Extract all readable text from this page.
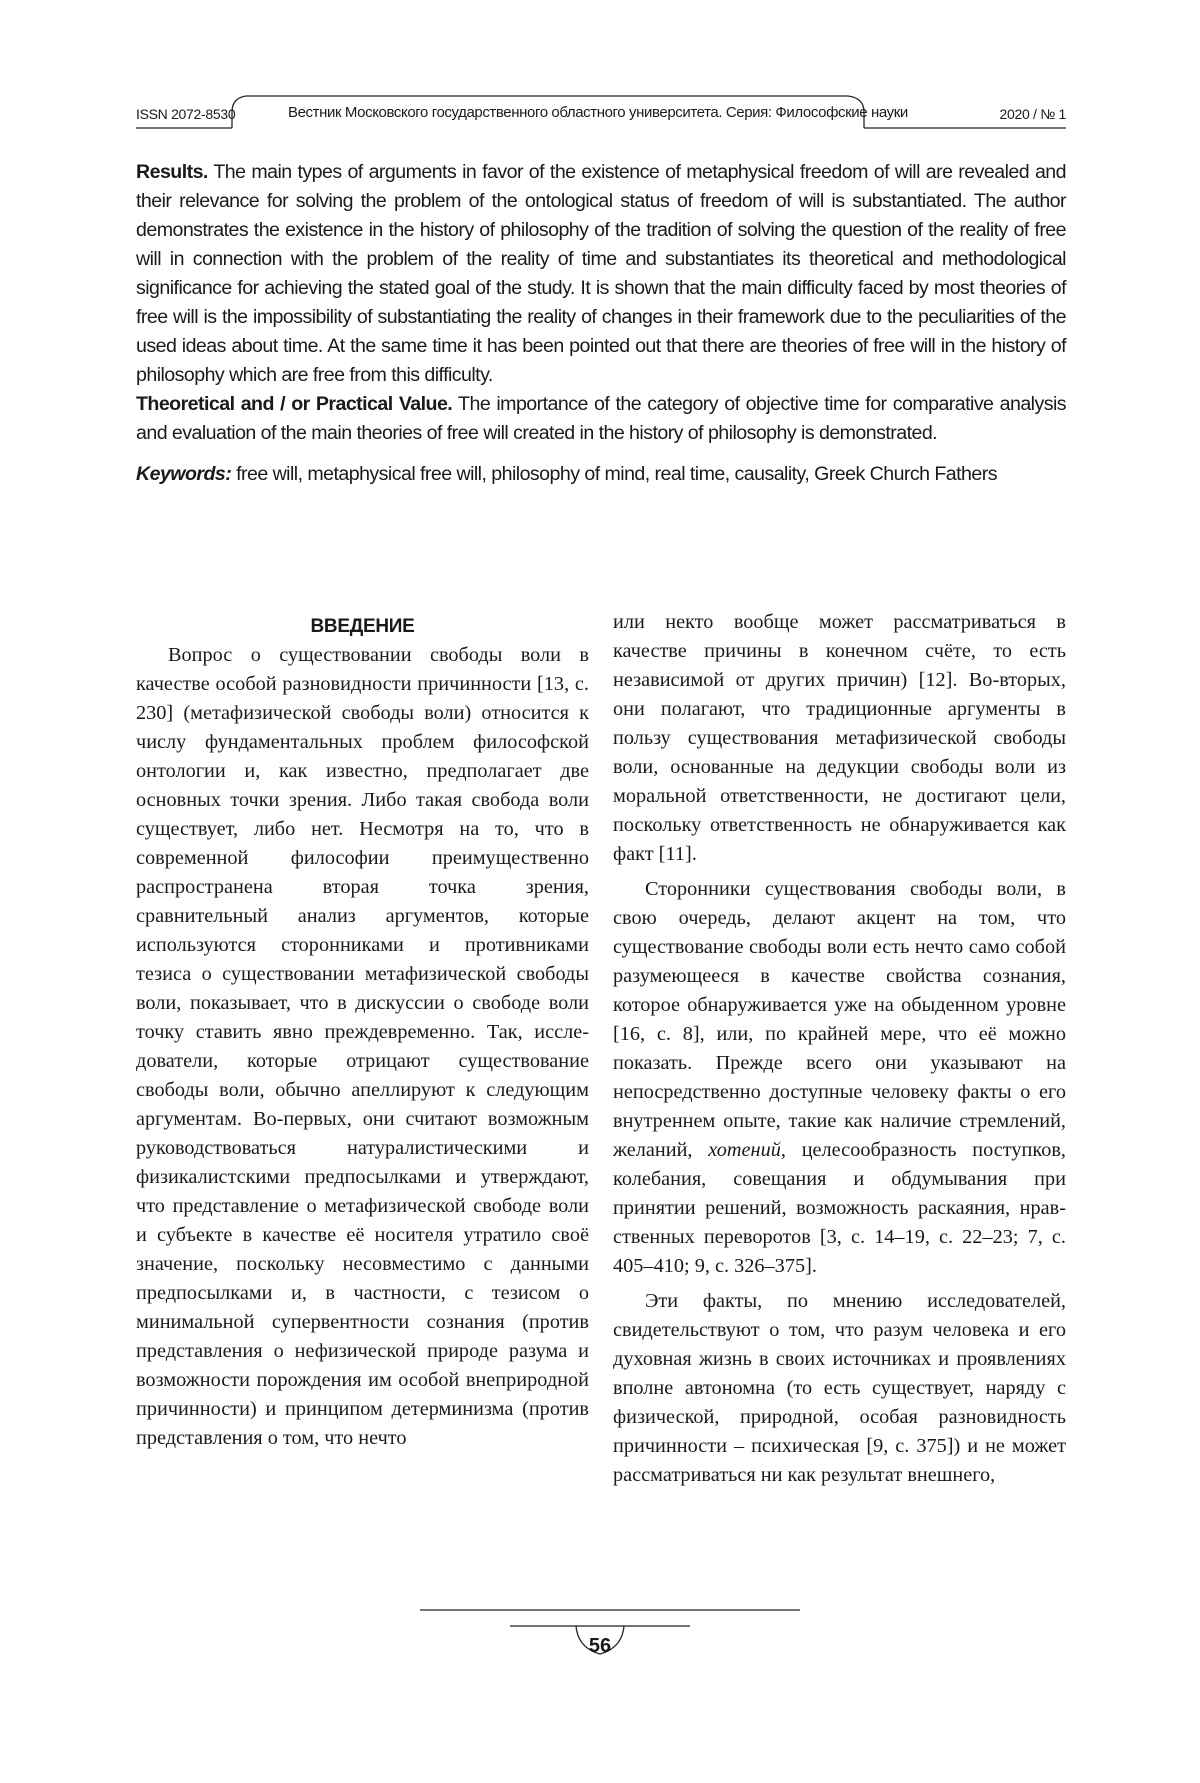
ISSN 2072-8530	Вестник Московского государственного областного университета. Серия: Философские науки	2020 / № 1

Results. The main types of arguments in favor of the existence of metaphysical freedom of will are revealed and their relevance for solving the problem of the ontological status of freedom of will is substantiated. The author demonstrates the existence in the history of philosophy of the tradition of solving the question of the reality of free will in connection with the problem of the reality of time and substantiates its theoretical and methodological significance for achieving the stated goal of the study. It is shown that the main difficulty faced by most theories of free will is the impossibility of substantiating the reality of changes in their framework due to the peculiarities of the used ideas about time. At the same time it has been pointed out that there are theories of free will in the history of philosophy which are free from this difficulty.

Theoretical and / or Practical Value. The importance of the category of objective time for comparative analysis and evaluation of the main theories of free will created in the history of philosophy is demonstrated.

Keywords: free will, metaphysical free will, philosophy of mind, real time, causality, Greek Church Fathers

ВВЕДЕНИЕ

Вопрос о существовании свободы воли в качестве особой разновидности причинности [13, с. 230] (метафизической свободы воли) относится к числу фундаментальных проблем философской онтологии и, как известно, предполагает две основных точки зрения. Либо такая свобода воли существует, либо нет. Несмотря на то, что в современной философии преимущественно распространена вторая точка зрения, сравнительный анализ аргументов, которые используются сторонниками и противниками тезиса о существовании метафизической свободы воли, показывает, что в дискуссии о свободе воли точку ставить явно преждевременно. Так, исследователи, которые отрицают существование свободы воли, обычно апеллируют к следующим аргументам. Во-первых, они считают возможным руководствоваться натуралистическими и физикалистскими предпосылками и утверждают, что представление о метафизической свободе воли и субъекте в качестве её носителя утратило своё значение, поскольку несовместимо с данными предпосылками и, в частности, с тезисом о минимальной супервентности сознания (против представления о нефизической природе разума и возможности порождения им особой внеприродной причинности) и принципом детерминизма (против представления о том, что нечто

или некто вообще может рассматриваться в качестве причины в конечном счёте, то есть независимой от других причин) [12]. Во-вторых, они полагают, что традиционные аргументы в пользу существования метафизической свободы воли, основанные на дедукции свободы воли из моральной ответственности, не достигают цели, поскольку ответственность не обнаруживается как факт [11].

Сторонники существования свободы воли, в свою очередь, делают акцент на том, что существование свободы воли есть нечто само собой разумеющееся в качестве свойства сознания, которое обнаруживается уже на обыденном уровне [16, с. 8], или, по крайней мере, что её можно показать. Прежде всего они указывают на непосредственно доступные человеку факты о его внутреннем опыте, такие как наличие стремлений, желаний, хотений, целесообразность поступков, колебания, совещания и обдумывания при принятии решений, возможность раскаяния, нравственных переворотов [3, с. 14–19, с. 22–23; 7, с. 405–410; 9, с. 326–375].

Эти факты, по мнению исследователей, свидетельствуют о том, что разум человека и его духовная жизнь в своих источниках и проявлениях вполне автономна (то есть существует, наряду с физической, природной, особая разновидность причинности – психическая [9, с. 375]) и не может рассматриваться ни как результат внешнего,

56
